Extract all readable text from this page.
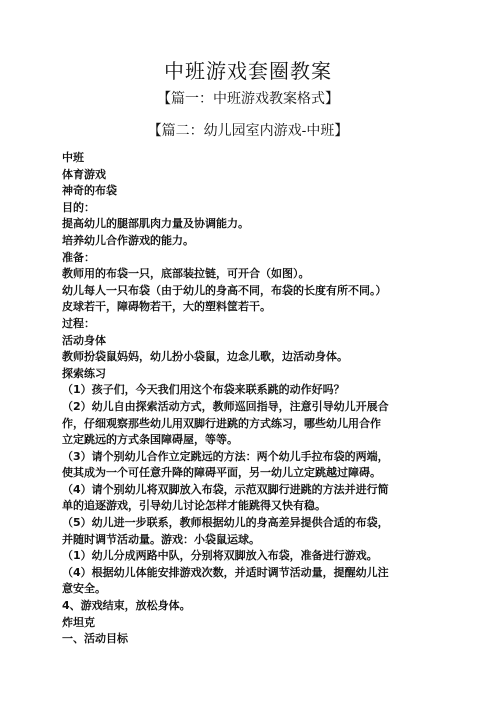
中班游戏套圈教案
【篇一：中班游戏教案格式】
【篇二：幼儿园室内游戏-中班】
中班
体育游戏
神奇的布袋
目的：
提高幼儿的腿部肌肉力量及协调能力。
培养幼儿合作游戏的能力。
准备：
教师用的布袋一只，底部装拉链，可开合（如图）。
幼儿每人一只布袋（由于幼儿的身高不同，布袋的长度有所不同。）
皮球若干，障碍物若干，大的塑料筐若干。
过程：
活动身体
教师扮袋鼠妈妈，幼儿扮小袋鼠，边念儿歌，边活动身体。
探索练习
（1）孩子们，今天我们用这个布袋来联系跳的动作好吗？
（2）幼儿自由探索活动方式，教师巡回指导，注意引导幼儿开展合
作，仔细观察那些幼儿用双脚行进跳的方式练习，哪些幼儿用合作
立定跳远的方式条国障碍屋，等等。
（3）请个别幼儿合作立定跳远的方法：两个幼儿手拉布袋的两端，
使其成为一个可任意升降的障碍平面，另一幼儿立定跳越过障碍。
（4）请个别幼儿将双脚放入布袋，示范双脚行进跳的方法并进行简
单的追逐游戏，引导幼儿讨论怎样才能跳得又快有稳。
（5）幼儿进一步联系，教师根据幼儿的身高差异提供合适的布袋，
并随时调节活动量。游戏：小袋鼠运球。
（1）幼儿分成两路中队，分别将双脚放入布袋，准备进行游戏。
（4）根据幼儿体能安排游戏次数，并适时调节活动量，提醒幼儿注
意安全。
4、游戏结束，放松身体。
炸坦克
一、活动目标
